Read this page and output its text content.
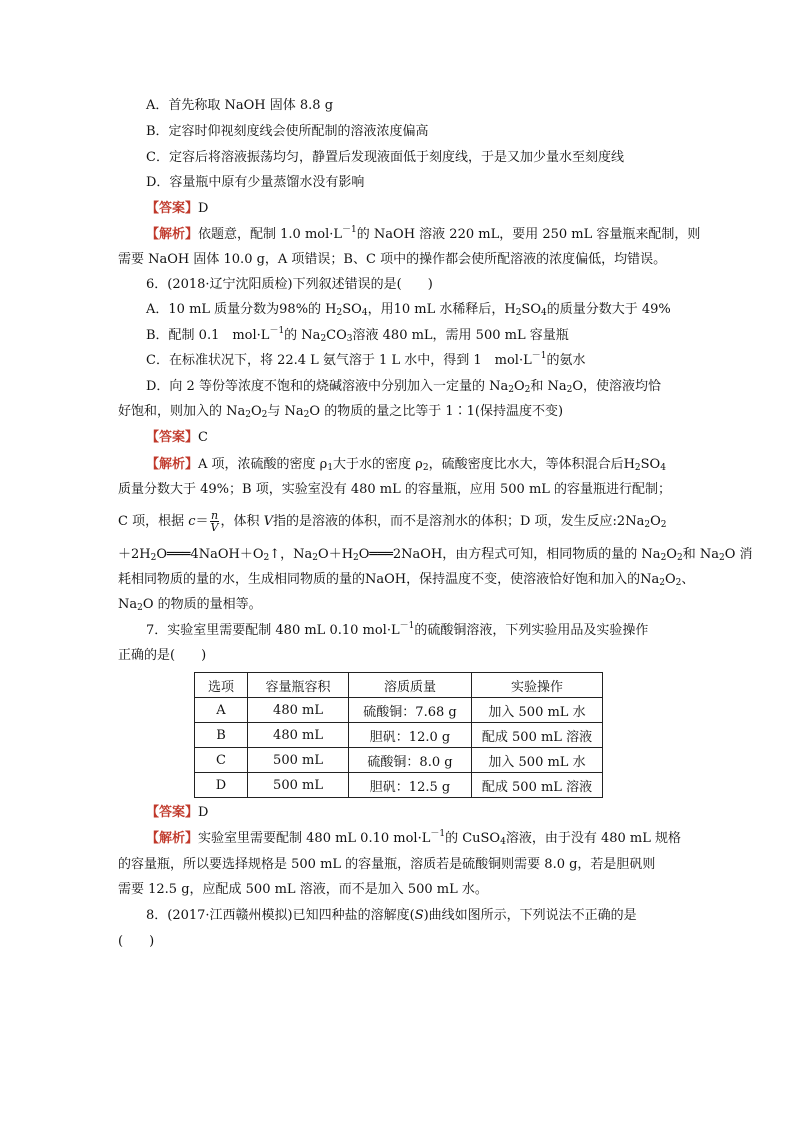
A．首先称取 NaOH 固体 8.8 g
B．定容时仰视刻度线会使所配制的溶液浓度偏高
C．定容后将溶液振荡均匀，静置后发现液面低于刻度线，于是又加少量水至刻度线
D．容量瓶中原有少量蒸馏水没有影响
【答案】D
【解析】依题意，配制 1.0 $mol\cdot L^{-1}$的 NaOH 溶液 220 mL，要用 250 mL 容量瓶来配制，则
需要 NaOH 固体 10.0 g，A 项错误；B、C 项中的操作都会使所配溶液的浓度偏低，均错误。
6．(2018·辽宁沈阳质检)下列叙述错误的是(　　)
A．10 mL 质量分数为98%的 $H_2SO_4$，用10 mL 水稀释后，$H_2SO_4$的质量分数大于 49%
B．配制 0.1　$mol\cdot L^{-1}$的 $Na_2CO_3$溶液 480 mL，需用 500 mL 容量瓶
C．在标准状况下，将 22.4 L 氨气溶于 1 L 水中，得到 1　$mol\cdot L^{-1}$的氨水
D．向 2 等份等浓度不饱和的烧碱溶液中分别加入一定量的 $Na_2O_2$和 $Na_2O$，使溶液均恰
好饱和，则加入的 $Na_2O_2$与 $Na_2O$ 的物质的量之比等于 1∶1(保持温度不变)
【答案】C
【解析】A 项，浓硫酸的密度 $\rho_1$大于水的密度 $\rho_2$，硫酸密度比水大，等体积混合后$H_2SO_4$
质量分数大于 49%；B 项，实验室没有 480 mL 的容量瓶，应用 500 mL 的容量瓶进行配制；
C 项，根据 $c= \frac{n}{V}$ ，体积 V指的是溶液的体积，而不是溶剂水的体积；D 项，发生反应$:2Na_2O_2$
$+2H_2O═══4NaOH+O_2↑$，$Na_2O+H_2O═══2NaOH$，由方程式可知，相同物质的量的 $Na_2O_2$和 $Na_2O$ 消
耗相同物质的量的水，生成相同物质的量的NaOH，保持温度不变，使溶液恰好饱和加入的$Na_2O_2$、
$Na_2O$ 的物质的量相等。
7．实验室里需要配制 480 mL 0.10 $mol\cdot L^{-1}$的硫酸铜溶液，下列实验用品及实验操作
正确的是(　　)
选项	容量瓶容积	溶质质量	实验操作
A	480 mL	硫酸铜：7.68 g	加入 500 mL 水
B	480 mL	胆矾：12.0 g	配成 500 mL 溶液
C	500 mL	硫酸铜：8.0 g	加入 500 mL 水
D	500 mL	胆矾：12.5 g	配成 500 mL 溶液
【答案】D
【解析】实验室里需要配制 480 mL 0.10 $mol\cdot L^{-1}$的 CuSO$_4$溶液，由于没有 480 mL 规格
的容量瓶，所以要选择规格是 500 mL 的容量瓶，溶质若是硫酸铜则需要 8.0 g，若是胆矾则
需要 12.5 g，应配成 500 mL 溶液，而不是加入 500 mL 水。
8．(2017·江西赣州模拟)已知四种盐的溶解度(S)曲线如图所示，下列说法不正确的是
(　　)
